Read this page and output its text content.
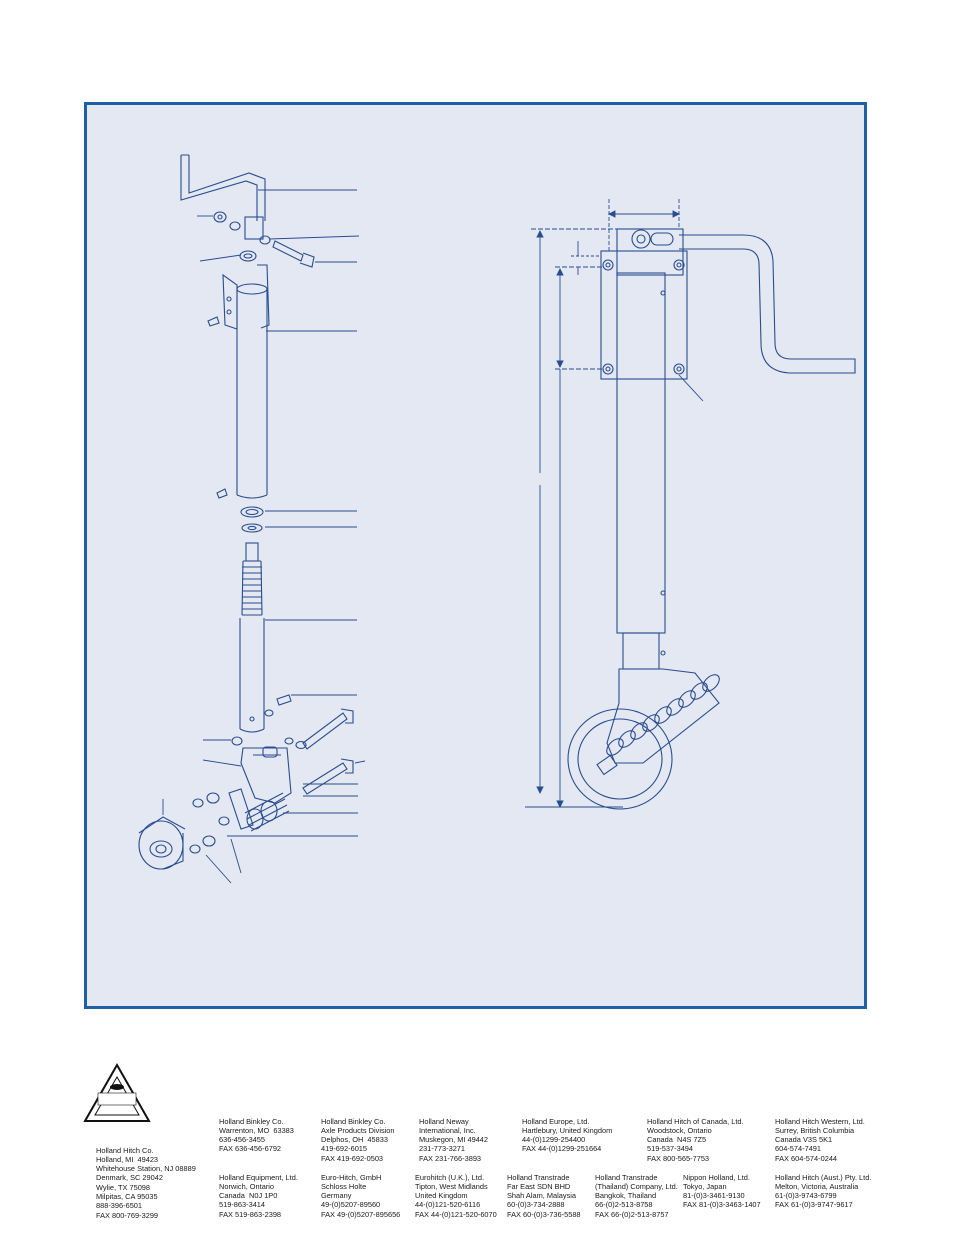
Holland Hitch Co.
Holland, MI  49423
Whitehouse Station, NJ 08889
Denmark, SC 29042
Wylie, TX 75098
Milpitas, CA 95035
888-396-6501
FAX 800-769-3299

Holland Binkley Co.
Warrenton, MO  63383
636-456-3455
FAX 636-456-6792

Holland Binkley Co.
Axle Products Division
Delphos, OH  45833
419-692-6015
FAX 419-692-0503

Holland Neway
International, Inc.
Muskegon, MI 49442
231-773-3271
FAX 231-766-3893

Holland Europe, Ltd.
Hartlebury, United Kingdom
44-(0)1299-254400
FAX 44-(0)1299-251664

Holland Hitch of Canada, Ltd.
Woodstock, Ontario
Canada  N4S 7Z5
519-537-3494
FAX 800-565-7753

Holland Hitch Western, Ltd.
Surrey, British Columbia
Canada V3S 5K1
604-574-7491
FAX 604-574-0244

Holland Equipment, Ltd.
Norwich, Ontario
Canada  N0J 1P0
519-863-3414
FAX 519-863-2398

Euro-Hitch, GmbH
Schloss Holte
Germany
49-(0)5207-89560
FAX 49-(0)5207-895656

Eurohitch (U.K.), Ltd.
Tipton, West Midlands
United Kingdom
44-(0)121-520-6116
FAX 44-(0)121-520-6070

Holland Transtrade
Far East SDN BHD
Shah Alam, Malaysia
60-(0)3-734-2888
FAX 60-(0)3-736-5588

Holland Transtrade
(Thailand) Company, Ltd.
Bangkok, Thailand
66-(0)2-513-8758
FAX 66-(0)2-513-8757

Nippon Holland, Ltd.
Tokyo, Japan
81-(0)3-3461-9130
FAX 81-(0)3-3463-1407

Holland Hitch (Aust.) Pty. Ltd.
Melton, Victoria, Australia
61-(0)3-9743-6799
FAX 61-(0)3-9747-9617
